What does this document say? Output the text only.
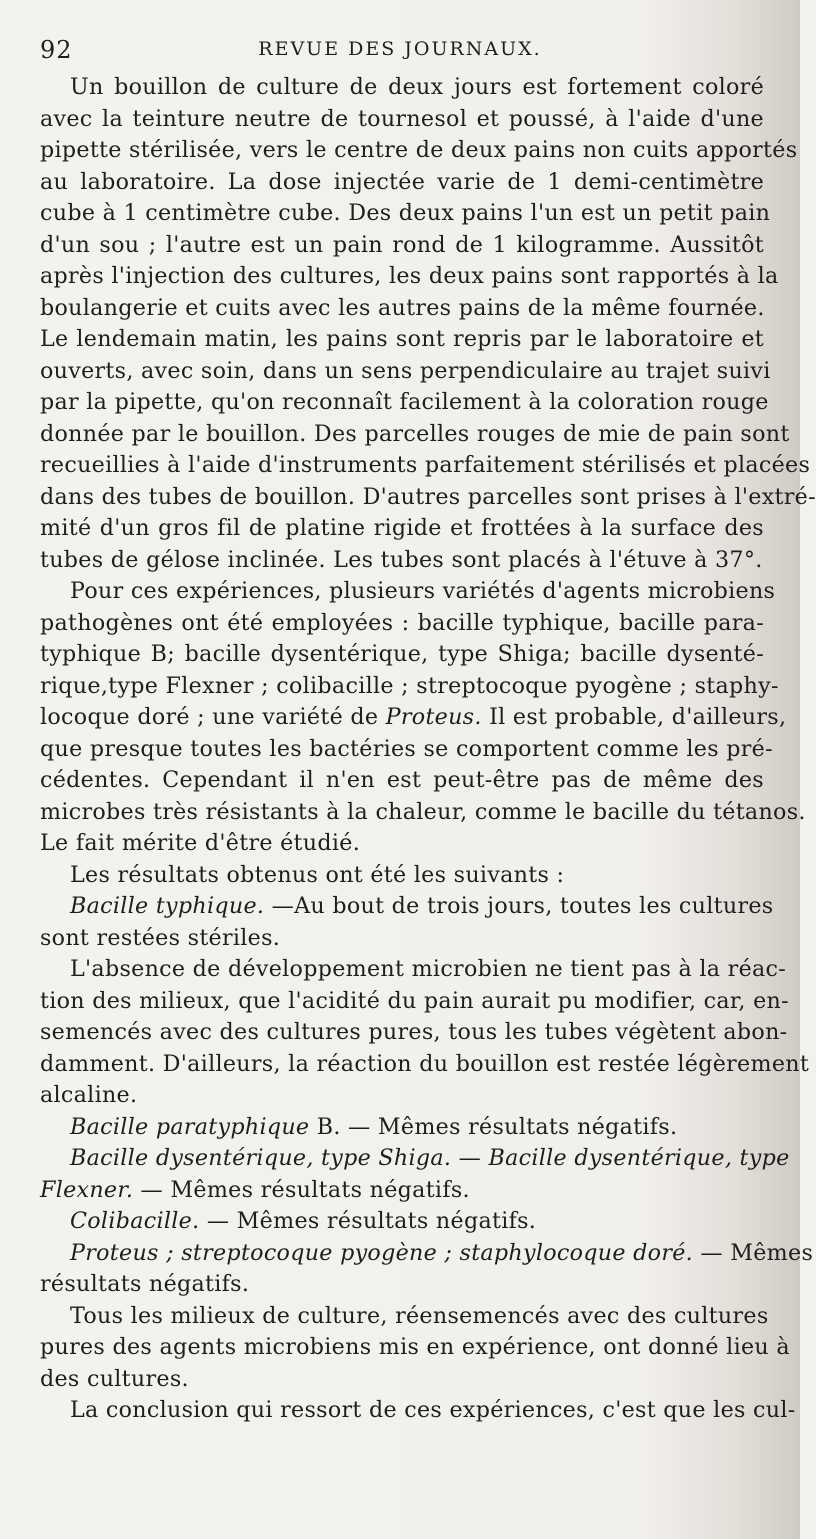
92	REVUE DES JOURNAUX.
Un bouillon de culture de deux jours est fortement coloré
avec la teinture neutre de tournesol et poussé, à l'aide d'une
pipette stérilisée, vers le centre de deux pains non cuits apportés
au laboratoire. La dose injectée varie de 1 demi-centimètre
cube à 1 centimètre cube. Des deux pains l'un est un petit pain
d'un sou ; l'autre est un pain rond de 1 kilogramme. Aussitôt
après l'injection des cultures, les deux pains sont rapportés à la
boulangerie et cuits avec les autres pains de la même fournée.
Le lendemain matin, les pains sont repris par le laboratoire et
ouverts, avec soin, dans un sens perpendiculaire au trajet suivi
par la pipette, qu'on reconnaît facilement à la coloration rouge
donnée par le bouillon. Des parcelles rouges de mie de pain sont
recueillies à l'aide d'instruments parfaitement stérilisés et placées
dans des tubes de bouillon. D'autres parcelles sont prises à l'extré-
mité d'un gros fil de platine rigide et frottées à la surface des
tubes de gélose inclinée. Les tubes sont placés à l'étuve à 37°.
Pour ces expériences, plusieurs variétés d'agents microbiens
pathogènes ont été employées : bacille typhique, bacille para-
typhique B; bacille dysentérique, type Shiga; bacille dysenté-
rique,type Flexner ; colibacille ; streptocoque pyogène ; staphy-
locoque doré ; une variété de Proteus. Il est probable, d'ailleurs,
que presque toutes les bactéries se comportent comme les pré-
cédentes. Cependant il n'en est peut-être pas de même des
microbes très résistants à la chaleur, comme le bacille du tétanos.
Le fait mérite d'être étudié.
Les résultats obtenus ont été les suivants :
Bacille typhique. —Au bout de trois jours, toutes les cultures
sont restées stériles.
L'absence de développement microbien ne tient pas à la réac-
tion des milieux, que l'acidité du pain aurait pu modifier, car, en-
semencés avec des cultures pures, tous les tubes végètent abon-
damment. D'ailleurs, la réaction du bouillon est restée légèrement
alcaline.
Bacille paratyphique B. — Mêmes résultats négatifs.
Bacille dysentérique, type Shiga. — Bacille dysentérique, type
Flexner. — Mêmes résultats négatifs.
Colibacille. — Mêmes résultats négatifs.
Proteus ; streptocoque pyogène ; staphylocoque doré. — Mêmes
résultats négatifs.
Tous les milieux de culture, réensemencés avec des cultures
pures des agents microbiens mis en expérience, ont donné lieu à
des cultures.
La conclusion qui ressort de ces expériences, c'est que les cul-
